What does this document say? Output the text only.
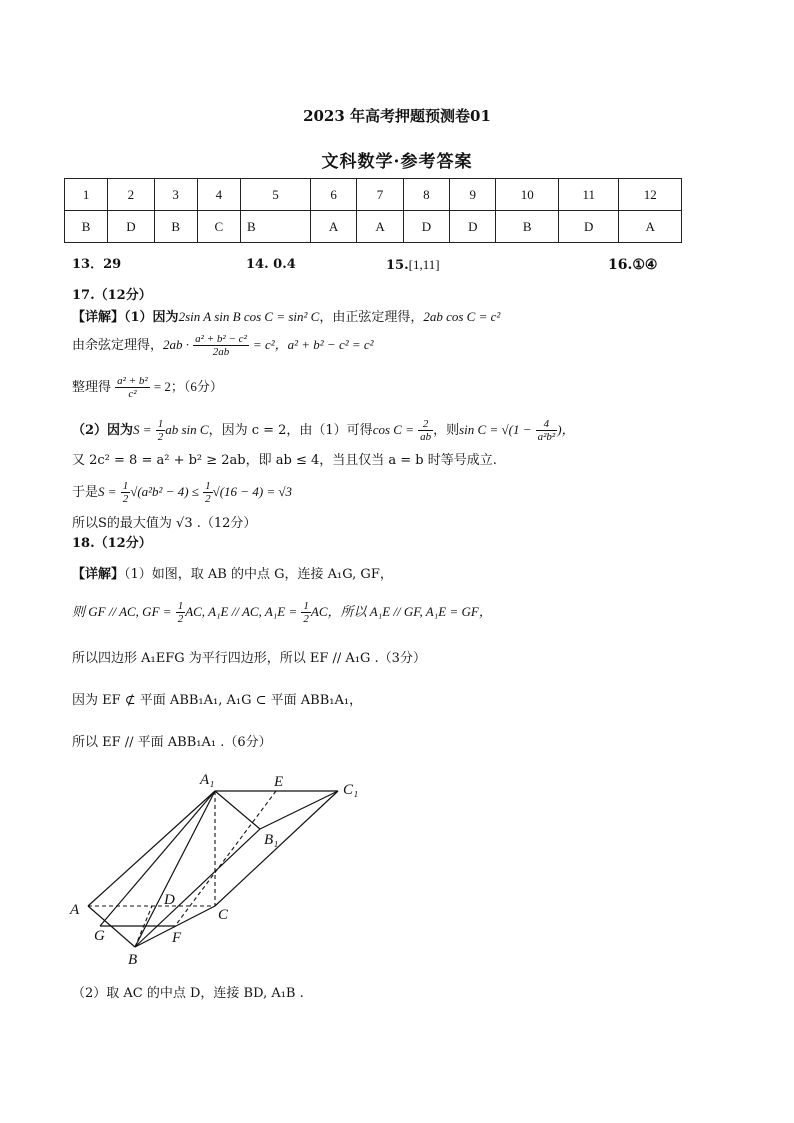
2023 年高考押题预测卷01
文科数学·参考答案
1	2	3	4	5	6	7	8	9	10	11	12
B	D	B	C	B	A	A	D	D	B	D	A
13．29	14. 0.4	15.[1,11]	16.①④
17.（12分）
【详解】（1）因为2sin A sin B cos C = sin² C，由正弦定理得，2ab cos C = c²
由余弦定理得，$2ab \cdot \frac{\text{a² + b² − c²}}{2ab} = c^2$，a² + b² − c² = c²
整理得 $\frac{\text{a² + b²}}{\text{c²}} = 2$；（6分）
（2）因为$S = \frac{1}{2}$ ab sin C，因为 c = 2，由（1）可得$\cos C = \frac{2}{ab}$ ，则$\sin C = √(1 - \frac{4}{\text{a²b²}}$ )，
又 2c² = 8 = a² + b² ≥ 2ab，即 ab ≤ 4，当且仅当 a = b 时等号成立.
于是$S = \frac{1}{2} √(a^2b^2 - 4) \le \frac{1}{2} √(16 - 4) = √3$
所以S的最大值为 √3 .（12分）
18.（12分）
【详解】（1）如图，取 AB 的中点 G，连接 A₁G, GF，
则 GF // AC, GF = $\frac{1}{2}$ AC, A₁E // AC, $A_1E = \frac{1}{2}$ AC，所以 A₁E // GF, A₁E = GF，
所以四边形 A₁EFG 为平行四边形，所以 EF // A₁G .（3分）
因为 EF ⊄ 平面 ABB₁A₁, A₁G ⊂ 平面 ABB₁A₁，
所以 EF // 平面 ABB₁A₁ .（6分）
A₁	E	C₁
B₁
A
D
C
G	F
B
（2）取 AC 的中点 D，连接 BD, A₁B .
